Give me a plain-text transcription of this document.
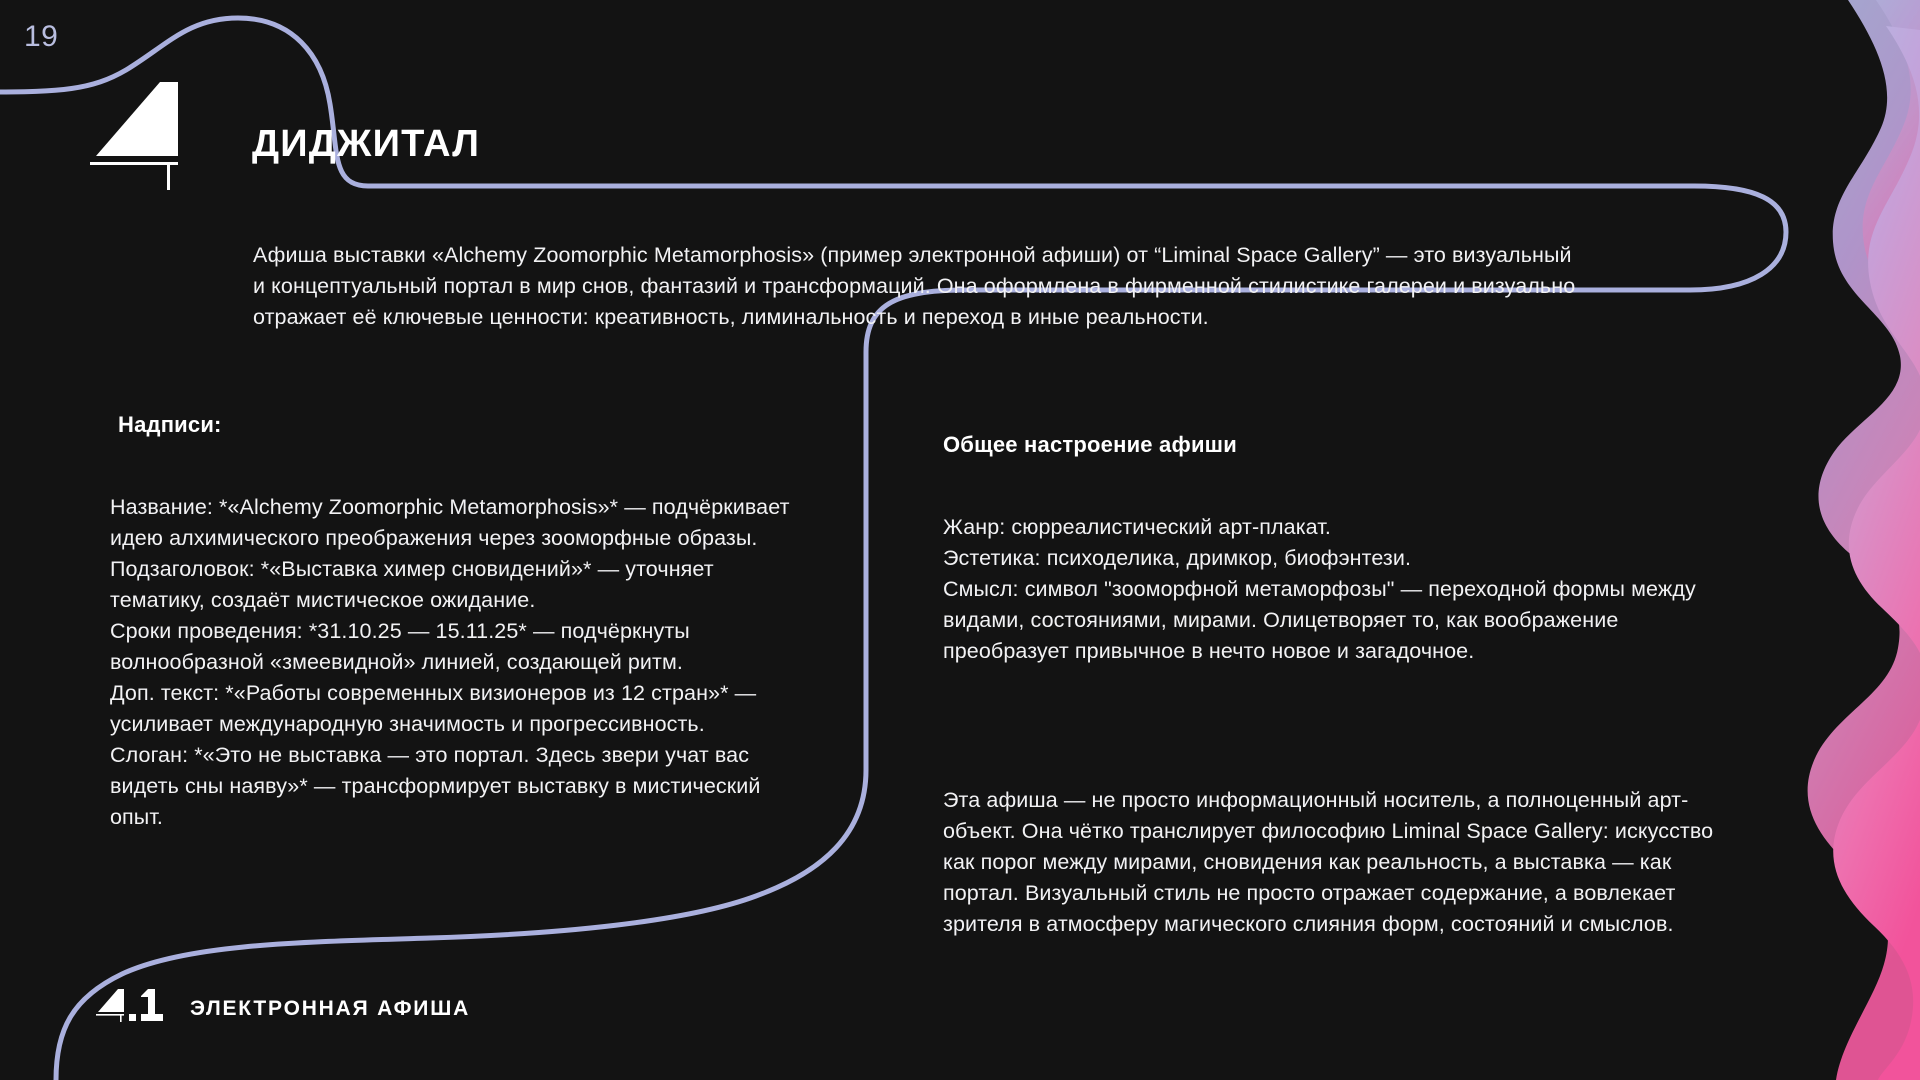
19
ДИДЖИТАЛ

Афиша выставки «Alchemy Zoomorphic Metamorphosis» (пример электронной афиши) от “Liminal Space Gallery” — это визуальный и концептуальный портал в мир снов, фантазий и трансформаций. Она оформлена в фирменной стилистике галереи и визуально отражает её ключевые ценности: креативность, лиминальность и переход в иные реальности.

Надписи:

Название: *«Alchemy Zoomorphic Metamorphosis»* — подчёркивает идею алхимического преображения через зооморфные образы.
Подзаголовок: *«Выставка химер сновидений»* — уточняет тематику, создаёт мистическое ожидание.
Сроки проведения: *31.10.25 — 15.11.25* — подчёркнуты волнообразной «змеевидной» линией, создающей ритм.
Доп. текст: *«Работы современных визионеров из 12 стран»* — усиливает международную значимость и прогрессивность.
Слоган: *«Это не выставка — это портал. Здесь звери учат вас видеть сны наяву»* — трансформирует выставку в мистический опыт.

Общее настроение афиши

Жанр: сюрреалистический арт-плакат.
Эстетика: психоделика, дримкор, биофэнтези.
Смысл: символ "зооморфной метаморфозы" — переходной формы между видами, состояниями, мирами. Олицетворяет то, как воображение преобразует привычное в нечто новое и загадочное.

Эта афиша — не просто информационный носитель, а полноценный арт-объект. Она чётко транслирует философию Liminal Space Gallery: искусство как порог между мирами, сновидения как реальность, а выставка — как портал. Визуальный стиль не просто отражает содержание, а вовлекает зрителя в атмосферу магического слияния форм, состояний и смыслов.

ЭЛЕКТРОННАЯ АФИША
